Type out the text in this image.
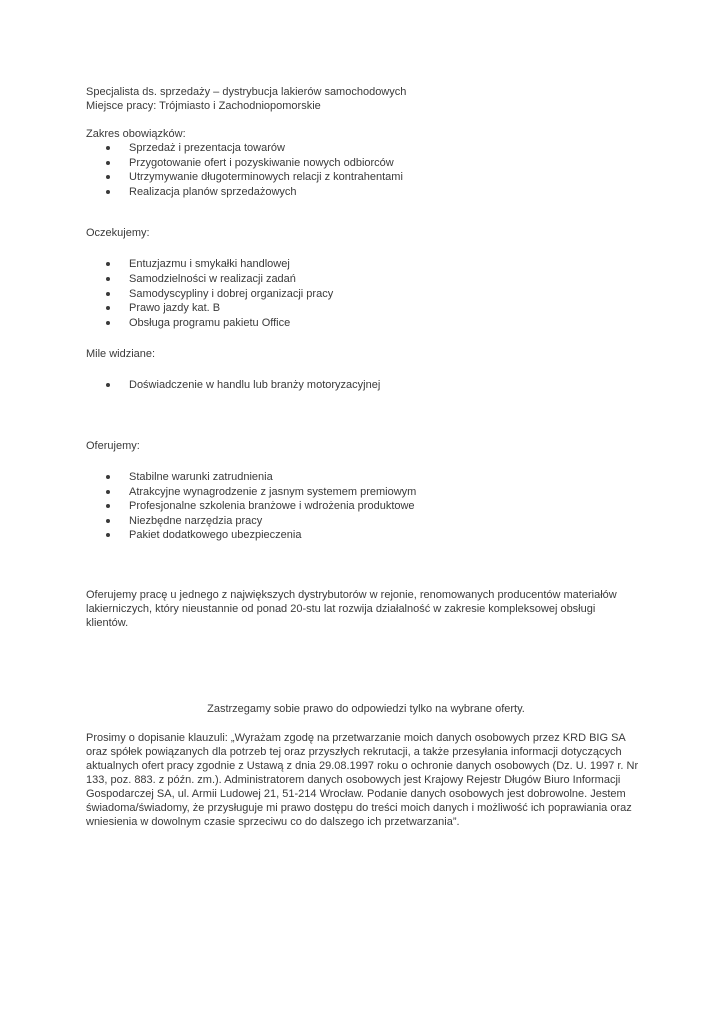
Specjalista ds. sprzedaży – dystrybucja lakierów samochodowych
Miejsce pracy: Trójmiasto i Zachodniopomorskie

Zakres obowiązków:

Sprzedaż i prezentacja towarów
Przygotowanie ofert i pozyskiwanie nowych odbiorców
Utrzymywanie długoterminowych relacji z kontrahentami
Realizacja planów sprzedażowych

Oczekujemy:

Entuzjazmu i smykałki handlowej
Samodzielności w realizacji zadań
Samodyscypliny i dobrej organizacji pracy
Prawo jazdy kat. B
Obsługa programu pakietu Office

Mile widziane:

Doświadczenie w handlu lub branży motoryzacyjnej

Oferujemy:

Stabilne warunki zatrudnienia
Atrakcyjne wynagrodzenie z jasnym systemem premiowym
Profesjonalne szkolenia branżowe i wdrożenia produktowe
Niezbędne narzędzia pracy
Pakiet dodatkowego ubezpieczenia

Oferujemy pracę u jednego z największych dystrybutorów w rejonie, renomowanych producentów materiałów
lakierniczych, który nieustannie od ponad 20-stu lat rozwija działalność w zakresie kompleksowej obsługi
klientów.

Zastrzegamy sobie prawo do odpowiedzi tylko na wybrane oferty.

Prosimy o dopisanie klauzuli: „Wyrażam zgodę na przetwarzanie moich danych osobowych przez KRD BIG SA
oraz spółek powiązanych dla potrzeb tej oraz przyszłych rekrutacji, a także przesyłania informacji dotyczących
aktualnych ofert pracy zgodnie z Ustawą z dnia 29.08.1997 roku o ochronie danych osobowych (Dz. U. 1997 r. Nr
133, poz. 883. z późn. zm.). Administratorem danych osobowych jest Krajowy Rejestr Długów Biuro Informacji
Gospodarczej SA, ul. Armii Ludowej 21, 51-214 Wrocław. Podanie danych osobowych jest dobrowolne. Jestem
świadoma/świadomy, że przysługuje mi prawo dostępu do treści moich danych i możliwość ich poprawiania oraz
wniesienia w dowolnym czasie sprzeciwu co do dalszego ich przetwarzania”.
